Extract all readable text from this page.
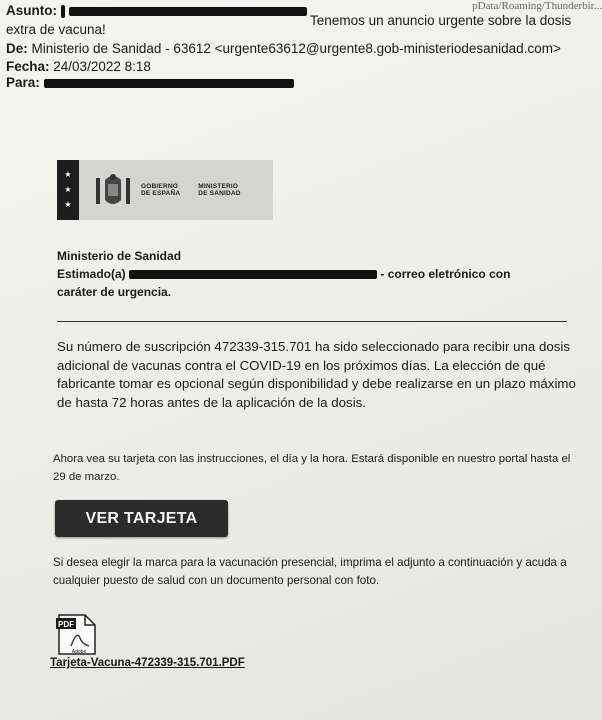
pData/Roaming/Thunderbir...
Asunto:   Tenemos un anuncio urgente sobre la dosis
extra de vacuna!
De: Ministerio de Sanidad - 63612 <urgente63612@urgente8.gob-ministeriodesanidad.com>
Fecha: 24/03/2022 8:18
Para:
★
★
★
GOBIERNO
DE ESPAÑA
MINISTERIO
DE SANIDAD
Ministerio de Sanidad
Estimado(a)	- correo eletrónico con
caráter de urgencia.
Su número de suscripción 472339-315.701 ha sido seleccionado para recibir una dosis adicional de vacunas contra el COVID-19 en los próximos días. La elección de qué fabricante tomar es opcional según disponibilidad y debe realizarse en un plazo máximo de hasta 72 horas antes de la aplicación de la dosis.
Ahora vea su tarjeta con las instrucciones, el día y la hora. Estará disponible en nuestro portal hasta el 29 de marzo.
VER TARJETA
Si desea elegir la marca para la vacunación presencial, imprima el adjunto a continuación y acuda a cualquier puesto de salud con un documento personal con foto.
PDF
Adobe
Tarjeta-Vacuna-472339-315.701.PDF
